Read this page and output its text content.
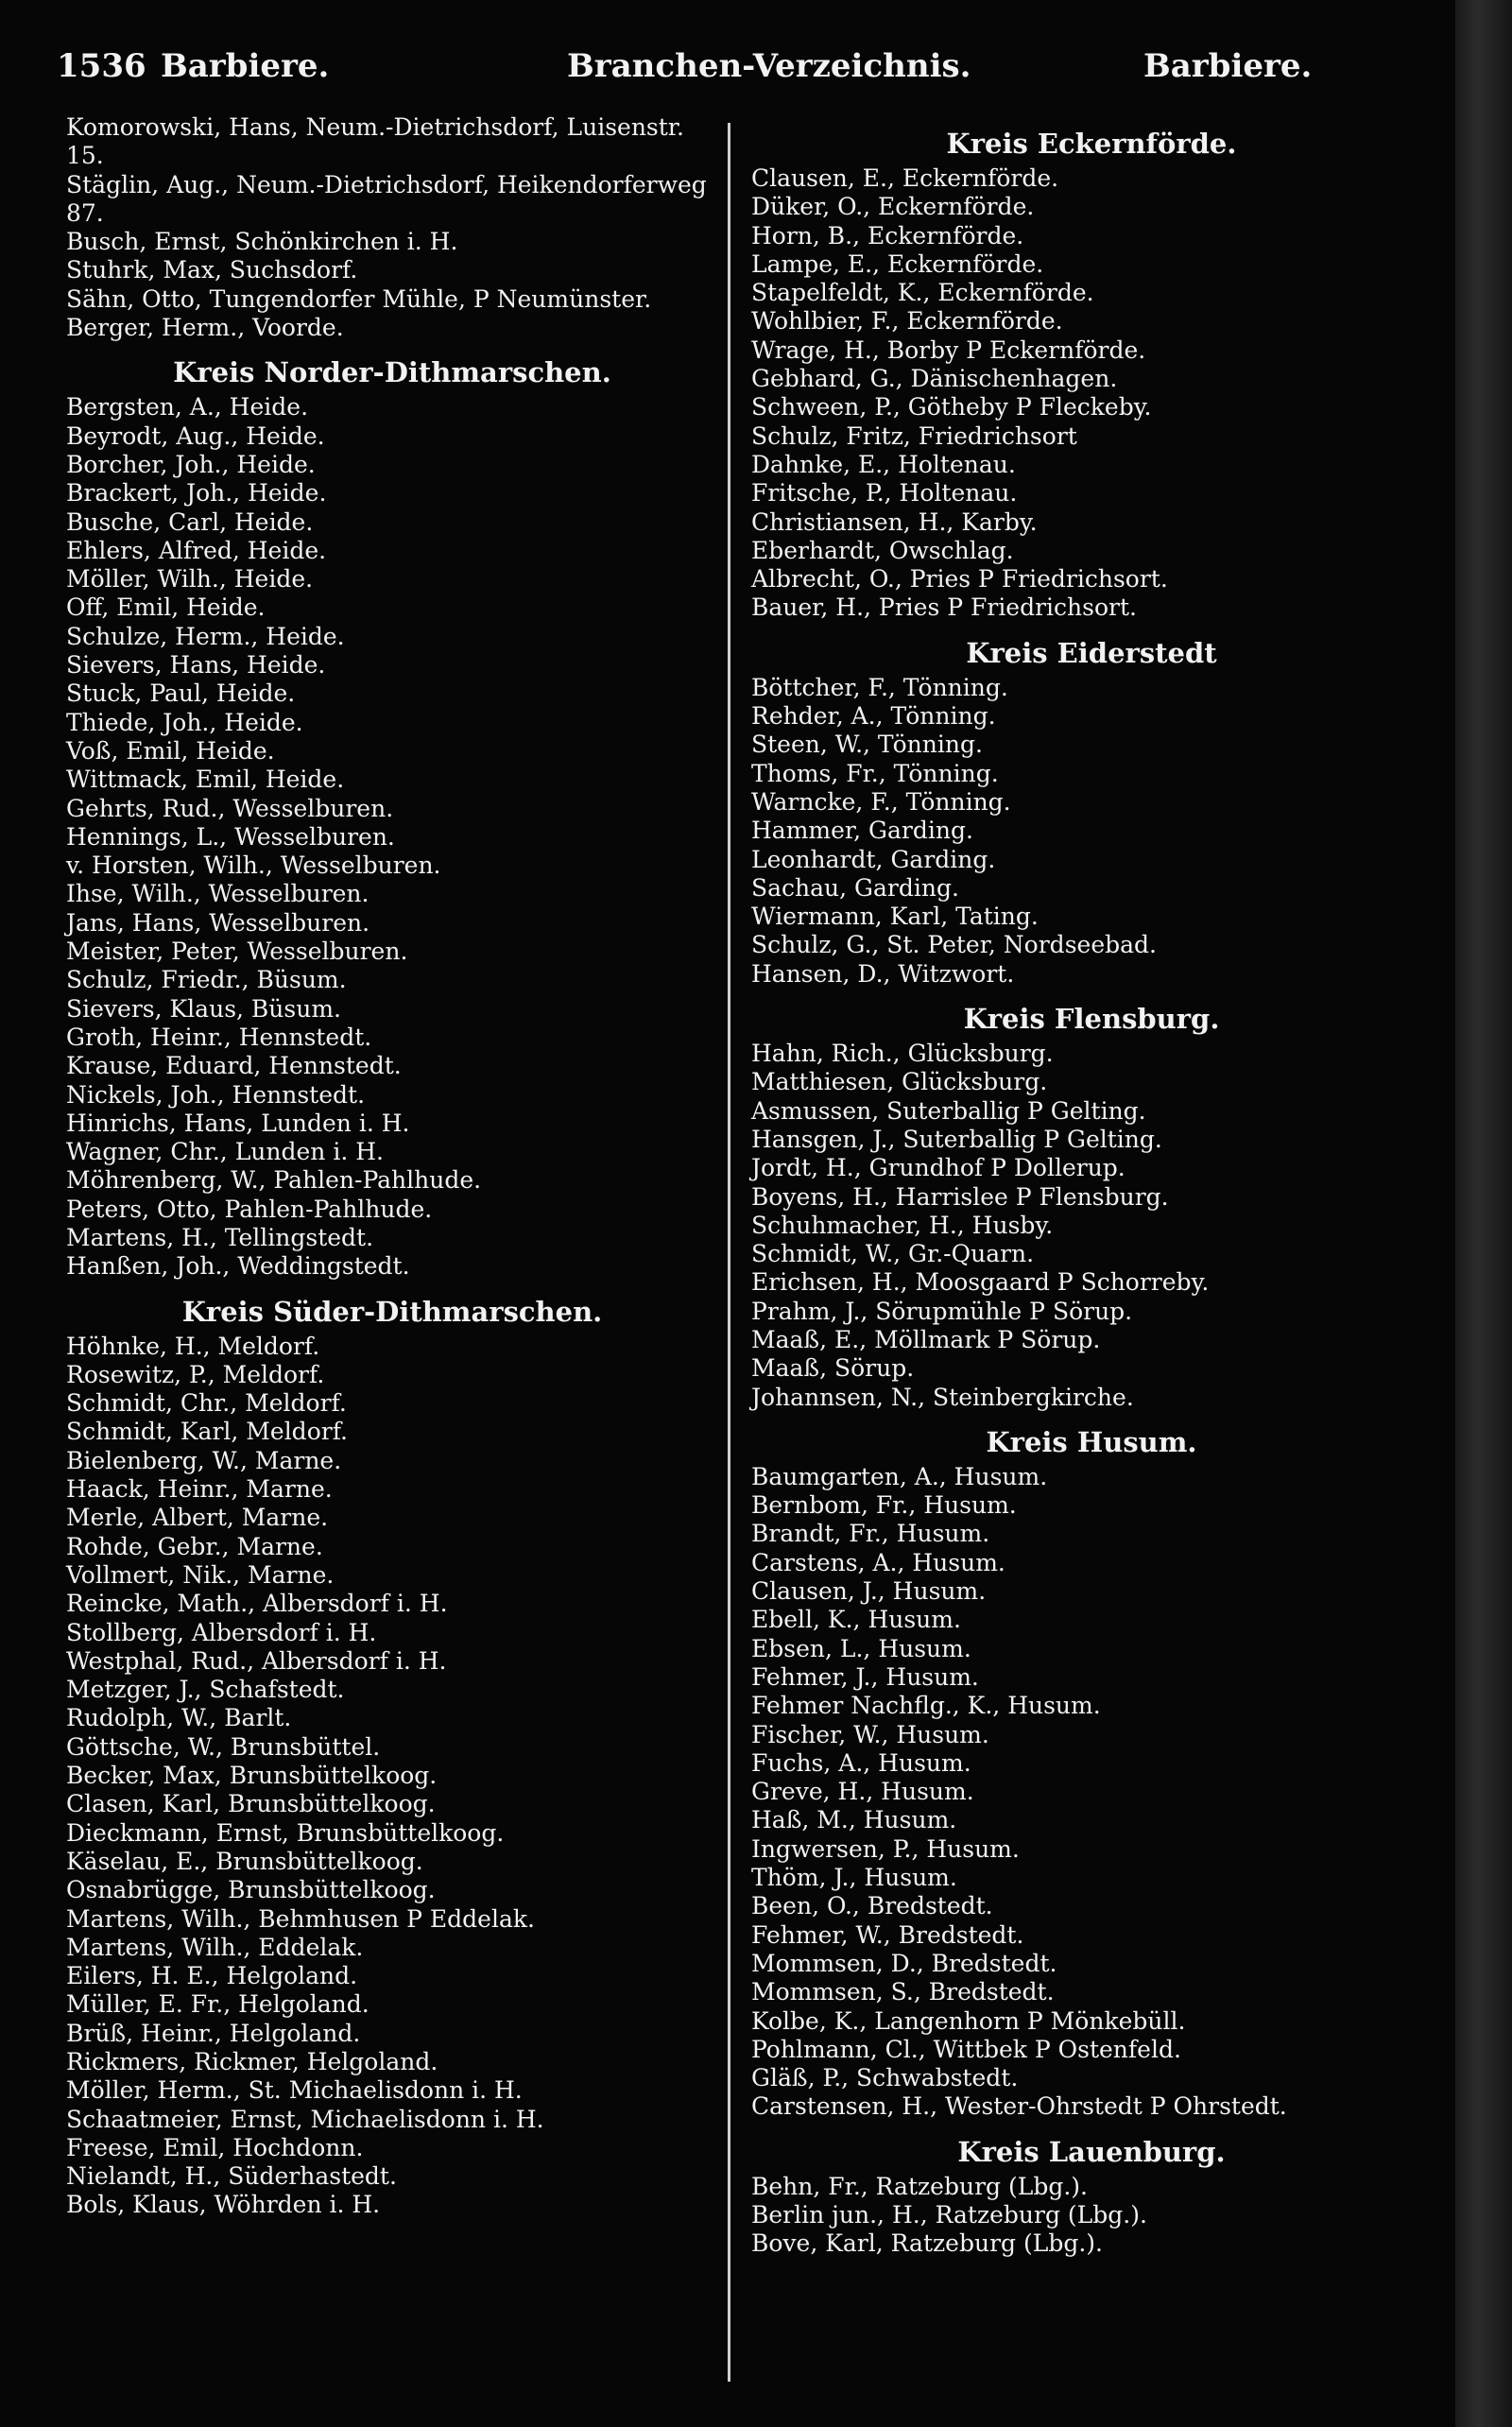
1536 Barbiere.	Branchen-Verzeichnis.	Barbiere.
Komorowski, Hans, Neum.-Dietrichsdorf, Luisenstr. 15.
Stäglin, Aug., Neum.-Dietrichsdorf, Heikendorferweg 87.
Busch, Ernst, Schönkirchen i. H.
Stuhrk, Max, Suchsdorf.
Sähn, Otto, Tungendorfer Mühle, P Neumünster.
Berger, Herm., Voorde.
Kreis Norder-Dithmarschen.
Bergsten, A., Heide.
Beyrodt, Aug., Heide.
Borcher, Joh., Heide.
Brackert, Joh., Heide.
Busche, Carl, Heide.
Ehlers, Alfred, Heide.
Möller, Wilh., Heide.
Off, Emil, Heide.
Schulze, Herm., Heide.
Sievers, Hans, Heide.
Stuck, Paul, Heide.
Thiede, Joh., Heide.
Voß, Emil, Heide.
Wittmack, Emil, Heide.
Gehrts, Rud., Wesselburen.
Hennings, L., Wesselburen.
v. Horsten, Wilh., Wesselburen.
Ihse, Wilh., Wesselburen.
Jans, Hans, Wesselburen.
Meister, Peter, Wesselburen.
Schulz, Friedr., Büsum.
Sievers, Klaus, Büsum.
Groth, Heinr., Hennstedt.
Krause, Eduard, Hennstedt.
Nickels, Joh., Hennstedt.
Hinrichs, Hans, Lunden i. H.
Wagner, Chr., Lunden i. H.
Möhrenberg, W., Pahlen-Pahlhude.
Peters, Otto, Pahlen-Pahlhude.
Martens, H., Tellingstedt.
Hanßen, Joh., Weddingstedt.
Kreis Süder-Dithmarschen.
Höhnke, H., Meldorf.
Rosewitz, P., Meldorf.
Schmidt, Chr., Meldorf.
Schmidt, Karl, Meldorf.
Bielenberg, W., Marne.
Haack, Heinr., Marne.
Merle, Albert, Marne.
Rohde, Gebr., Marne.
Vollmert, Nik., Marne.
Reincke, Math., Albersdorf i. H.
Stollberg, Albersdorf i. H.
Westphal, Rud., Albersdorf i. H.
Metzger, J., Schafstedt.
Rudolph, W., Barlt.
Göttsche, W., Brunsbüttel.
Becker, Max, Brunsbüttelkoog.
Clasen, Karl, Brunsbüttelkoog.
Dieckmann, Ernst, Brunsbüttelkoog.
Käselau, E., Brunsbüttelkoog.
Osnabrügge, Brunsbüttelkoog.
Martens, Wilh., Behmhusen P Eddelak.
Martens, Wilh., Eddelak.
Eilers, H. E., Helgoland.
Müller, E. Fr., Helgoland.
Brüß, Heinr., Helgoland.
Rickmers, Rickmer, Helgoland.
Möller, Herm., St. Michaelisdonn i. H.
Schaatmeier, Ernst, Michaelisdonn i. H.
Freese, Emil, Hochdonn.
Nielandt, H., Süderhastedt.
Bols, Klaus, Wöhrden i. H.
Kreis Eckernförde.
Clausen, E., Eckernförde.
Düker, O., Eckernförde.
Horn, B., Eckernförde.
Lampe, E., Eckernförde.
Stapelfeldt, K., Eckernförde.
Wohlbier, F., Eckernförde.
Wrage, H., Borby P Eckernförde.
Gebhard, G., Dänischenhagen.
Schween, P., Götheby P Fleckeby.
Schulz, Fritz, Friedrichsort
Dahnke, E., Holtenau.
Fritsche, P., Holtenau.
Christiansen, H., Karby.
Eberhardt, Owschlag.
Albrecht, O., Pries P Friedrichsort.
Bauer, H., Pries P Friedrichsort.
Kreis Eiderstedt
Böttcher, F., Tönning.
Rehder, A., Tönning.
Steen, W., Tönning.
Thoms, Fr., Tönning.
Warncke, F., Tönning.
Hammer, Garding.
Leonhardt, Garding.
Sachau, Garding.
Wiermann, Karl, Tating.
Schulz, G., St. Peter, Nordseebad.
Hansen, D., Witzwort.
Kreis Flensburg.
Hahn, Rich., Glücksburg.
Matthiesen, Glücksburg.
Asmussen, Suterballig P Gelting.
Hansgen, J., Suterballig P Gelting.
Jordt, H., Grundhof P Dollerup.
Boyens, H., Harrislee P Flensburg.
Schuhmacher, H., Husby.
Schmidt, W., Gr.-Quarn.
Erichsen, H., Moosgaard P Schorreby.
Prahm, J., Sörupmühle P Sörup.
Maaß, E., Möllmark P Sörup.
Maaß, Sörup.
Johannsen, N., Steinbergkirche.
Kreis Husum.
Baumgarten, A., Husum.
Bernbom, Fr., Husum.
Brandt, Fr., Husum.
Carstens, A., Husum.
Clausen, J., Husum.
Ebell, K., Husum.
Ebsen, L., Husum.
Fehmer, J., Husum.
Fehmer Nachflg., K., Husum.
Fischer, W., Husum.
Fuchs, A., Husum.
Greve, H., Husum.
Haß, M., Husum.
Ingwersen, P., Husum.
Thöm, J., Husum.
Been, O., Bredstedt.
Fehmer, W., Bredstedt.
Mommsen, D., Bredstedt.
Mommsen, S., Bredstedt.
Kolbe, K., Langenhorn P Mönkebüll.
Pohlmann, Cl., Wittbek P Ostenfeld.
Gläß, P., Schwabstedt.
Carstensen, H., Wester-Ohrstedt P Ohrstedt.
Kreis Lauenburg.
Behn, Fr., Ratzeburg (Lbg.).
Berlin jun., H., Ratzeburg (Lbg.).
Bove, Karl, Ratzeburg (Lbg.).
